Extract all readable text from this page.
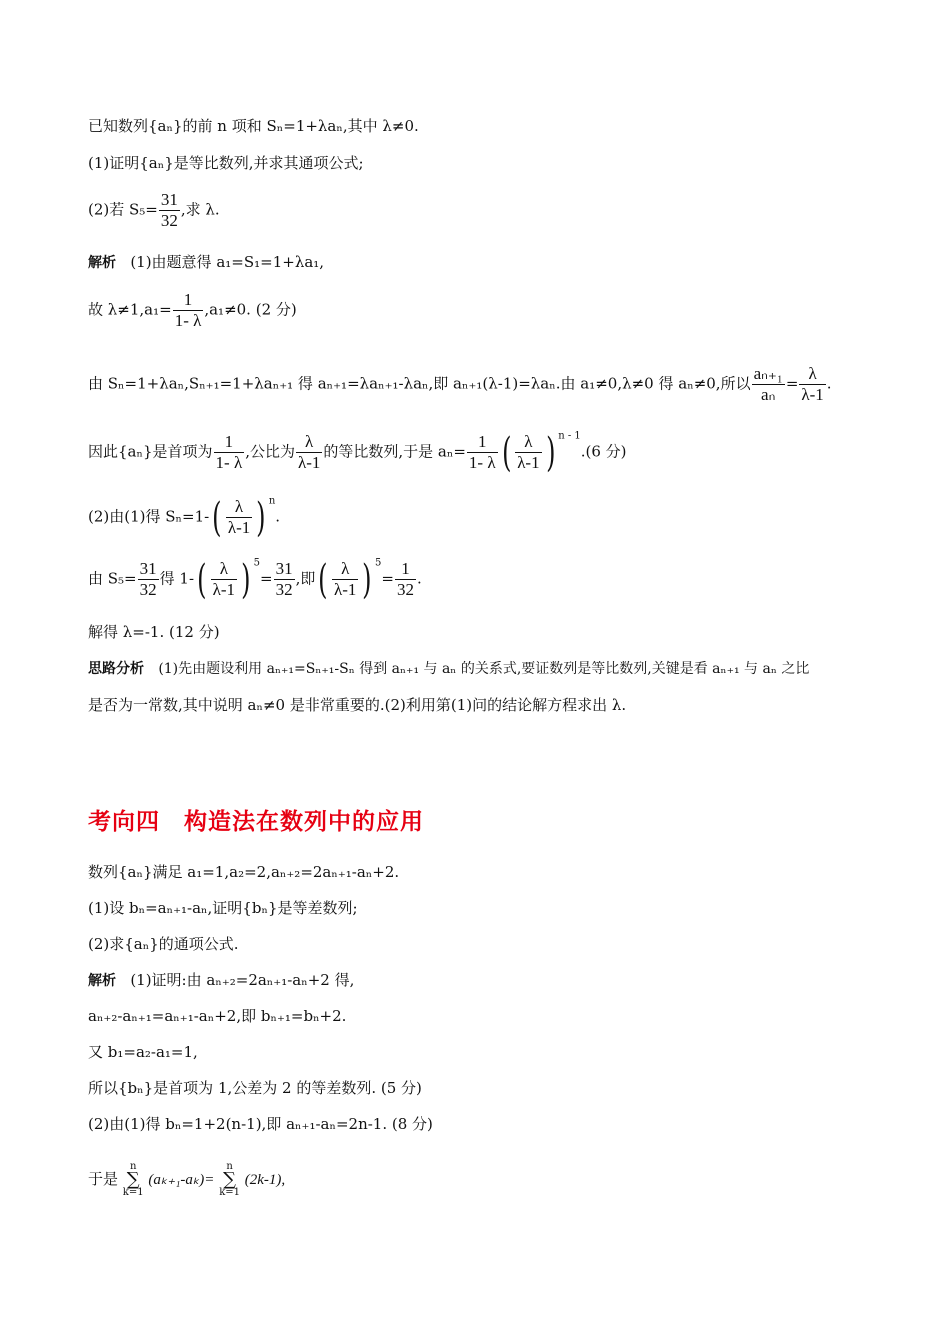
已知数列{aₙ}的前 n 项和 Sₙ=1+λaₙ,其中 λ≠0.
(1)证明{aₙ}是等比数列,并求其通项公式;
(2)若 $S_5= \frac{31}{32}$ ,求 λ.
解析 (1)由题意得 a₁=S₁=1+λa₁,
故 $\lambda\ne 1,a_1= \frac{1}{1- \lambda} ,a_1\ne 0$. (2 分)
由 Sₙ=1+λaₙ,Sₙ₊₁=1+λaₙ₊₁ 得 aₙ₊₁=λaₙ₊₁-λaₙ,即 aₙ₊₁(λ-1)=λaₙ.由 a₁≠0,λ≠0 得 aₙ≠0,所以 $\frac{\text{aₙ₊₁}}{\text{aₙ}} = \frac{\lambda}{\lambda-1}$ .
因此{aₙ}是首项为 $\frac{1}{1- \lambda}$ ,公比为 $\frac{\lambda}{\lambda-1}$ 的等比数列,于是 $a_n= \frac{1}{1- \lambda}$ ( $\frac{\lambda}{\lambda-1}$ ) $^{n - 1}$.(6 分)
(2)由(1)得 $S_n=1-( \frac{\lambda}{\lambda-1}$ ) $^n$.
由 $S_5= \frac{31}{32}$ 得 $1-( \frac{\lambda}{\lambda-1}$ ) $^5= \frac{31}{32}$ ,即( $\frac{\lambda}{\lambda-1}$ ) $^5= \frac{1}{32}$ .
解得 λ=-1. (12 分)
思路分析 (1)先由题设利用 aₙ₊₁=Sₙ₊₁-Sₙ 得到 aₙ₊₁ 与 aₙ 的关系式,要证数列是等比数列,关键是看 aₙ₊₁ 与 aₙ 之比
是否为一常数,其中说明 aₙ≠0 是非常重要的.(2)利用第(1)问的结论解方程求出 λ.
考向四　构造法在数列中的应用
数列{aₙ}满足 a₁=1,a₂=2,aₙ₊₂=2aₙ₊₁-aₙ+2.
(1)设 bₙ=aₙ₊₁-aₙ,证明{bₙ}是等差数列;
(2)求{aₙ}的通项公式.
解析 (1)证明:由 aₙ₊₂=2aₙ₊₁-aₙ+2 得,
aₙ₊₂-aₙ₊₁=aₙ₊₁-aₙ+2,即 bₙ₊₁=bₙ+2.
又 b₁=a₂-a₁=1,
所以{bₙ}是首项为 1,公差为 2 的等差数列. (5 分)
(2)由(1)得 bₙ=1+2(n-1),即 aₙ₊₁-aₙ=2n-1. (8 分)
于是 n
∑
k=1 (aₖ₊₁-aₖ)= n
∑
k=1 (2k-1),
